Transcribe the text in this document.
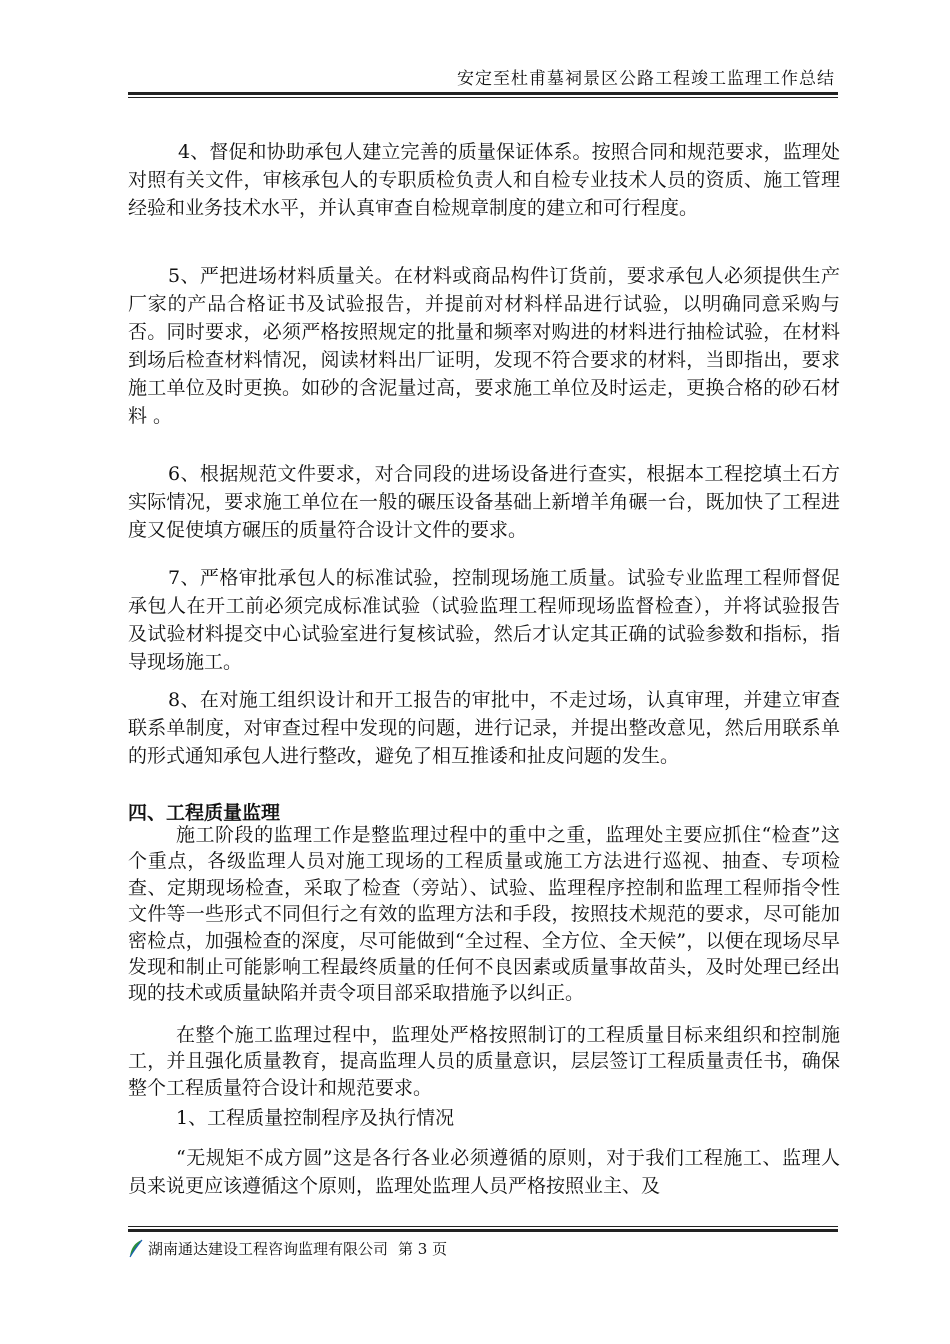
安定至杜甫墓祠景区公路工程竣工监理工作总结

4、督促和协助承包人建立完善的质量保证体系。按照合同和规范要求，监理处对照有关文件，审核承包人的专职质检负责人和自检专业技术人员的资质、施工管理经验和业务技术水平，并认真审查自检规章制度的建立和可行程度。

5、严把进场材料质量关。在材料或商品构件订货前，要求承包人必须提供生产厂家的产品合格证书及试验报告，并提前对材料样品进行试验，以明确同意采购与否。同时要求，必须严格按照规定的批量和频率对购进的材料进行抽检试验，在材料到场后检查材料情况，阅读材料出厂证明，发现不符合要求的材料，当即指出，要求施工单位及时更换。如砂的含泥量过高，要求施工单位及时运走，更换合格的砂石材料 。

6、根据规范文件要求，对合同段的进场设备进行查实，根据本工程挖填土石方实际情况，要求施工单位在一般的碾压设备基础上新增羊角碾一台，既加快了工程进度又促使填方碾压的质量符合设计文件的要求。

7、严格审批承包人的标准试验，控制现场施工质量。试验专业监理工程师督促承包人在开工前必须完成标准试验（试验监理工程师现场监督检查），并将试验报告及试验材料提交中心试验室进行复核试验，然后才认定其正确的试验参数和指标，指导现场施工。

8、在对施工组织设计和开工报告的审批中，不走过场，认真审理，并建立审查联系单制度，对审查过程中发现的问题，进行记录，并提出整改意见，然后用联系单的形式通知承包人进行整改，避免了相互推诿和扯皮问题的发生。

四、工程质量监理

施工阶段的监理工作是整监理过程中的重中之重，监理处主要应抓住“检查”这个重点，各级监理人员对施工现场的工程质量或施工方法进行巡视、抽查、专项检查、定期现场检查，采取了检查（旁站）、试验、监理程序控制和监理工程师指令性文件等一些形式不同但行之有效的监理方法和手段，按照技术规范的要求，尽可能加密检点，加强检查的深度，尽可能做到“全过程、全方位、全天候”，以便在现场尽早发现和制止可能影响工程最终质量的任何不良因素或质量事故苗头，及时处理已经出现的技术或质量缺陷并责令项目部采取措施予以纠正。

在整个施工监理过程中，监理处严格按照制订的工程质量目标来组织和控制施工，并且强化质量教育，提高监理人员的质量意识，层层签订工程质量责任书，确保整个工程质量符合设计和规范要求。

1、工程质量控制程序及执行情况

“无规矩不成方圆”这是各行各业必须遵循的原则，对于我们工程施工、监理人员来说更应该遵循这个原则，监理处监理人员严格按照业主、及

湖南通达建设工程咨询监理有限公司 第 3 页
